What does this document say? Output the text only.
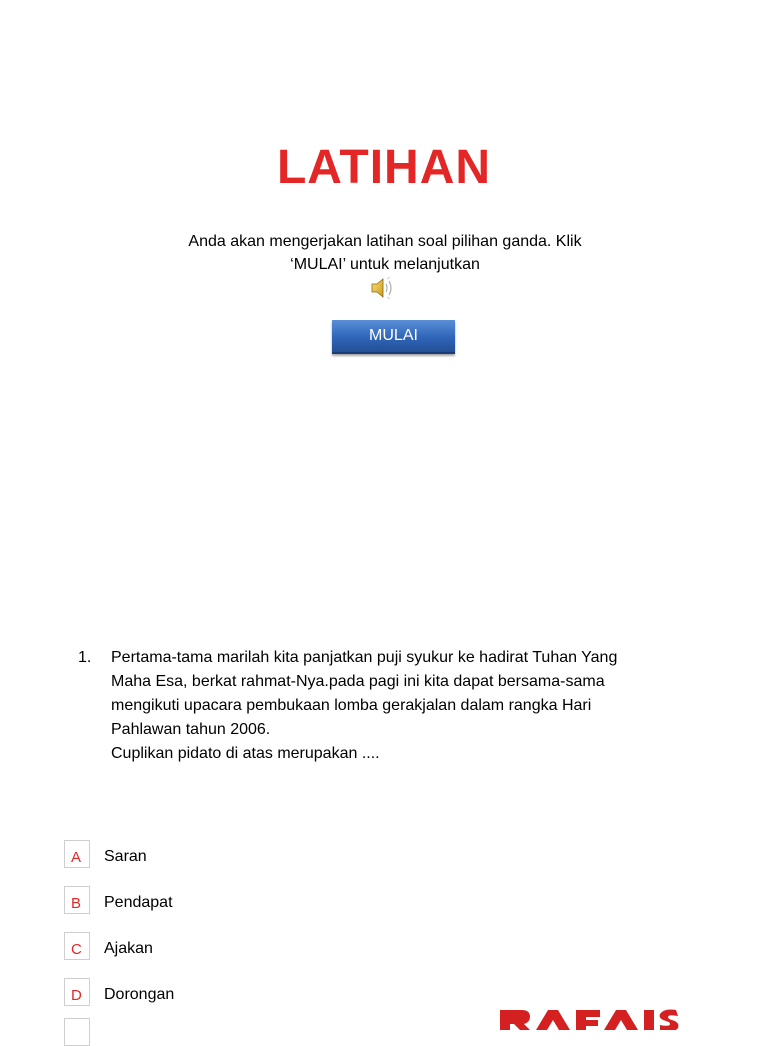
LATIHAN
Anda akan mengerjakan latihan soal pilihan ganda. Klik
‘MULAI’ untuk melanjutkan
MULAI
1. Pertama-tama marilah kita panjatkan puji syukur ke hadirat Tuhan Yang
Maha Esa, berkat rahmat-Nya.pada pagi ini kita dapat bersama-sama
mengikuti upacara pembukaan lomba gerakjalan dalam rangka Hari
Pahlawan tahun 2006.
Cuplikan pidato di atas merupakan ....
A	Saran
B	Pendapat
C	Ajakan
D	Dorongan
